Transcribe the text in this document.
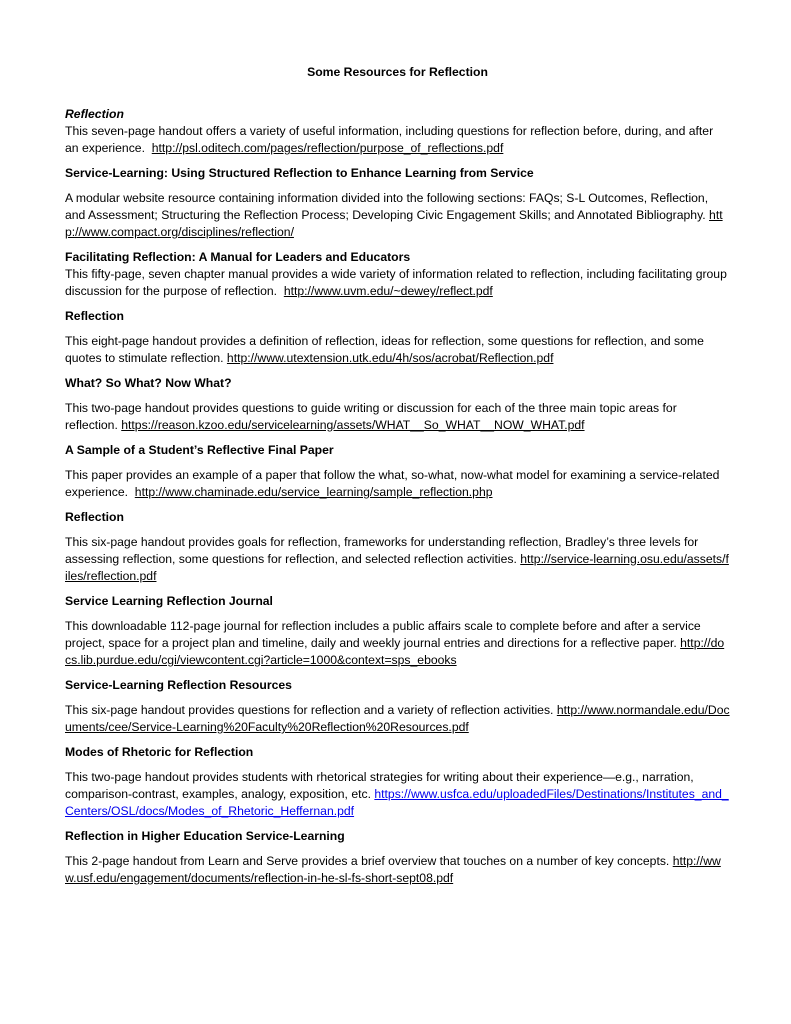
Some Resources for Reflection
Reflection
This seven-page handout offers a variety of useful information, including questions for reflection before, during, and after an experience. http://psl.oditech.com/pages/reflection/purpose_of_reflections.pdf
Service-Learning: Using Structured Reflection to Enhance Learning from Service
A modular website resource containing information divided into the following sections: FAQs; S-L Outcomes, Reflection, and Assessment; Structuring the Reflection Process; Developing Civic Engagement Skills; and Annotated Bibliography. http://www.compact.org/disciplines/reflection/
Facilitating Reflection: A Manual for Leaders and Educators
This fifty-page, seven chapter manual provides a wide variety of information related to reflection, including facilitating group discussion for the purpose of reflection. http://www.uvm.edu/~dewey/reflect.pdf
Reflection
This eight-page handout provides a definition of reflection, ideas for reflection, some questions for reflection, and some quotes to stimulate reflection. http://www.utextension.utk.edu/4h/sos/acrobat/Reflection.pdf
What? So What? Now What?
This two-page handout provides questions to guide writing or discussion for each of the three main topic areas for reflection. https://reason.kzoo.edu/servicelearning/assets/WHAT__So_WHAT__NOW_WHAT.pdf
A Sample of a Student’s Reflective Final Paper
This paper provides an example of a paper that follow the what, so-what, now-what model for examining a service-related experience. http://www.chaminade.edu/service_learning/sample_reflection.php
Reflection
This six-page handout provides goals for reflection, frameworks for understanding reflection, Bradley’s three levels for assessing reflection, some questions for reflection, and selected reflection activities. http://service-learning.osu.edu/assets/files/reflection.pdf
Service Learning Reflection Journal
This downloadable 112-page journal for reflection includes a public affairs scale to complete before and after a service project, space for a project plan and timeline, daily and weekly journal entries and directions for a reflective paper. http://docs.lib.purdue.edu/cgi/viewcontent.cgi?article=1000&context=sps_ebooks
Service-Learning Reflection Resources
This six-page handout provides questions for reflection and a variety of reflection activities. http://www.normandale.edu/Documents/cee/Service-Learning%20Faculty%20Reflection%20Resources.pdf
Modes of Rhetoric for Reflection
This two-page handout provides students with rhetorical strategies for writing about their experience—e.g., narration, comparison-contrast, examples, analogy, exposition, etc. https://www.usfca.edu/uploadedFiles/Destinations/Institutes_and_Centers/OSL/docs/Modes_of_Rhetoric_Heffernan.pdf
Reflection in Higher Education Service-Learning
This 2-page handout from Learn and Serve provides a brief overview that touches on a number of key concepts. http://www.usf.edu/engagement/documents/reflection-in-he-sl-fs-short-sept08.pdf
